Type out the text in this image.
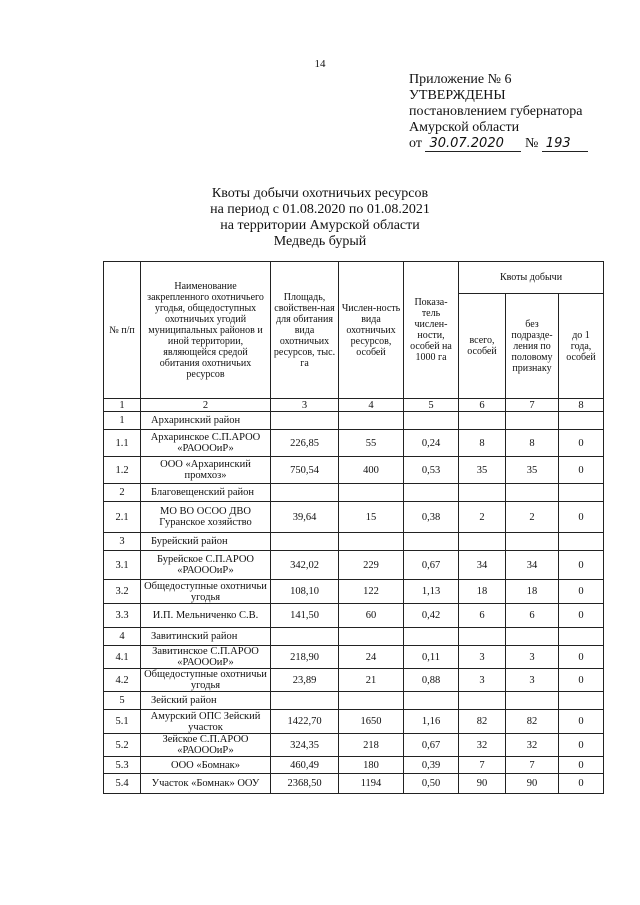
14
Приложение № 6
УТВЕРЖДЕНЫ
постановлением губернатора
Амурской области
от 30.07.2020 № 193
Квоты добычи охотничьих ресурсов
на период с 01.08.2020 по 01.08.2021
на территории Амурской области
Медведь бурый
№ п/п	Наименование закрепленного охотничьего угодья, общедоступных охотничьих угодий муниципальных районов и иной территории, являющейся средой обитания охотничьих ресурсов	Площадь, свойствен-ная для обитания вида охотничьих ресурсов, тыс. га	Числен-ность вида охотничьих ресурсов, особей	Показа-тель числен-ности, особей на 1000 га	Квоты добычи		
					всего, особей	без подразде-ления по половому признаку	до 1 года, особей
1	2	3	4	5	6	7	8
1	Архаринский район						
1.1	Архаринское С.П.АРОО «РАОООиР»	226,85	55	0,24	8	8	0
1.2	ООО «Архаринский промхоз»	750,54	400	0,53	35	35	0
2	Благовещенский район						
2.1	МО ВО ОСОО ДВО Гуранское хозяйство	39,64	15	0,38	2	2	0
3	Бурейский район						
3.1	Бурейское С.П.АРОО «РАОООиР»	342,02	229	0,67	34	34	0
3.2	Общедоступные охотничьи угодья	108,10	122	1,13	18	18	0
3.3	И.П. Мельниченко С.В.	141,50	60	0,42	6	6	0
4	Завитинский район						
4.1	Завитинское С.П.АРОО «РАОООиР»	218,90	24	0,11	3	3	0
4.2	Общедоступные охотничьи угодья	23,89	21	0,88	3	3	0
5	Зейский район						
5.1	Амурский ОПС Зейский участок	1422,70	1650	1,16	82	82	0
5.2	Зейское С.П.АРОО «РАОООиР»	324,35	218	0,67	32	32	0
5.3	ООО «Бомнак»	460,49	180	0,39	7	7	0
5.4	Участок «Бомнак» ООУ	2368,50	1194	0,50	90	90	0
